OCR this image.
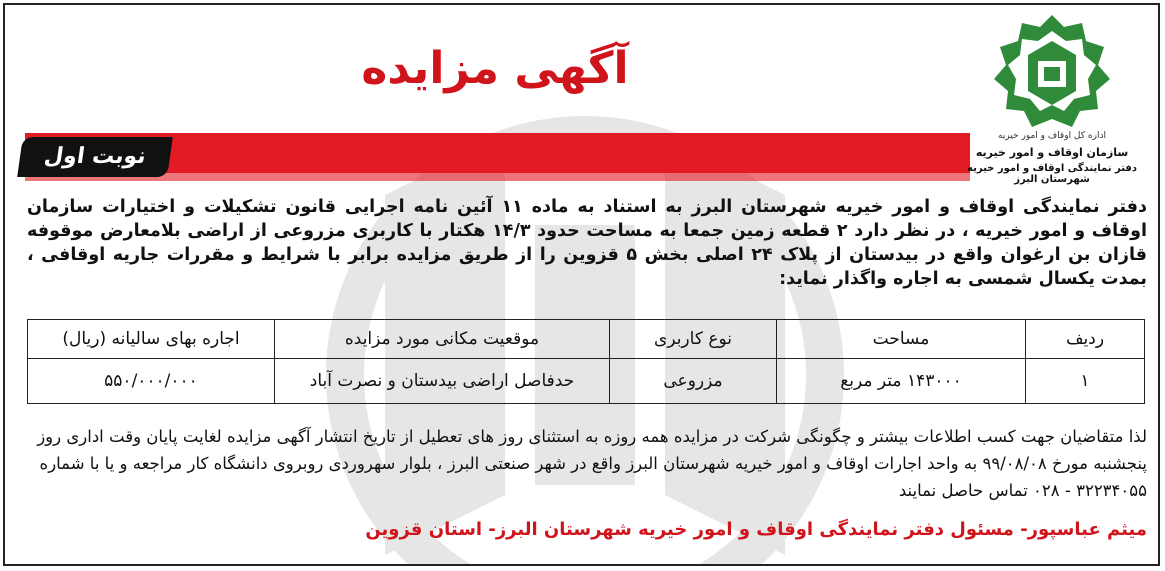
آگهی مزایده
نوبت اول
اداره کل اوقاف و امور خیریه
سازمان اوقاف و امور خیریه
دفتر نمایندگی اوقاف و امور خیریه شهرستان البرز
دفتر نمایندگی اوقاف و امور خیریه شهرستان البرز به استناد به ماده ۱۱ آئین نامه اجرایی قانون تشکیلات و اختیارات سازمان اوقاف و امور خیریه ، در نظر دارد ۲ قطعه زمین جمعا به مساحت حدود ۱۴/۳ هکتار با کاربری مزروعی از اراضی بلامعارض موقوفه قازان بن ارغوان واقع در بیدستان از پلاک ۲۴ اصلی بخش ۵ قزوین را از طریق مزایده برابر با شرایط و مقررات جاریه اوقافی ، بمدت یکسال شمسی به اجاره واگذار نماید:
ردیف	مساحت	نوع کاربری	موقعیت مکانی مورد مزایده	اجاره بهای سالیانه (ریال)
۱	۱۴۳۰۰۰ متر مربع	مزروعی	حدفاصل اراضی بیدستان و نصرت آباد	۵۵۰/۰۰۰/۰۰۰
لذا متقاضیان جهت کسب اطلاعات بیشتر و چگونگی شرکت در مزایده همه روزه به استثنای روز های تعطیل از تاریخ انتشار آگهی مزایده لغایت پایان وقت اداری روز پنجشنبه مورخ ۹۹/۰۸/۰۸ به واحد اجارات اوقاف و امور خیریه شهرستان البرز واقع در شهر صنعتی البرز ، بلوار سهروردی روبروی دانشگاه کار مراجعه و یا با شماره ۳۲۲۳۴۰۵۵ - ۰۲۸ تماس حاصل نمایند
میثم عباسپور- مسئول دفتر نمایندگی اوقاف و امور خیریه شهرستان البرز- استان قزوین
